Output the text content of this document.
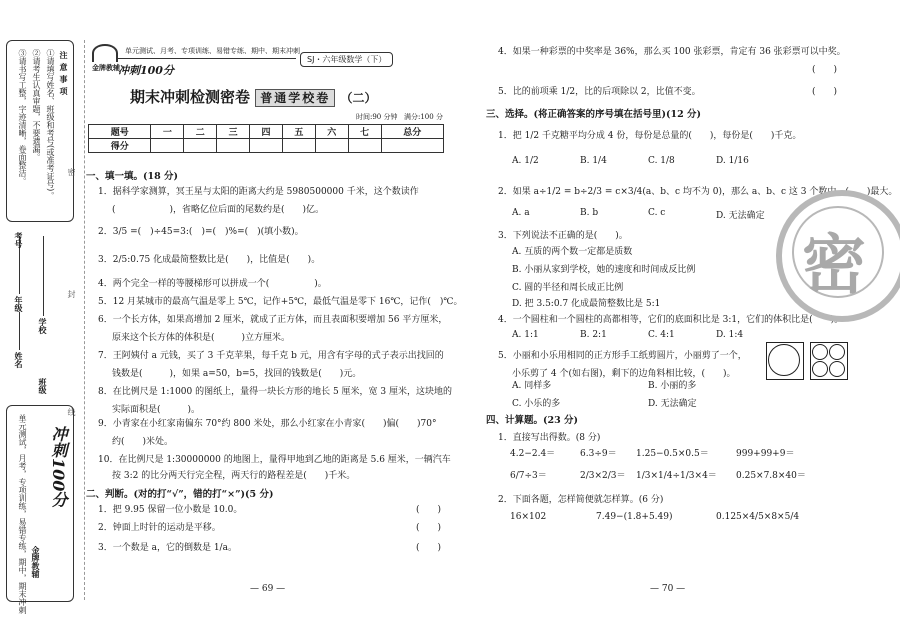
注意事项
①请填写姓名、班级和考号(或准考证号)。
②请考生认真审题，不要遗漏。
③请书写工整，字迹清晰，卷面整洁。
学校
班级
年级
姓名
考号
密
封
线
冲刺100分
单元测试，月考，专项训练，易错专练，期中，期末冲刺 金牌教辅
金牌教辅
冲刺100分
单元测试、月考、专项训练、易错专练、期中、期末冲刺
SJ・六年级数学（下）
期末冲刺检测密卷 普通学校卷 （二）
时间:90 分钟 满分:100 分
题号	一	二	三	四	五	六	七	总分
得分								
一、填一填。(18 分)
1．据科学家测算，冥王星与太阳的距离大约是 5980500000 千米，这个数读作
(　　　　　　)，省略亿位后面的尾数约是(　　)亿。
2．3/5 =(　)÷45=3:(　)=(　)%=(　)(填小数)。
3．2/5:0.75 化成最简整数比是(　　)，比值是(　　)。
4．两个完全一样的等腰梯形可以拼成一个(　　　　　)。
5．12 月某城市的最高气温是零上 5℃，记作+5℃，最低气温是零下 16℃，记作(　)℃。
6．一个长方体，如果高增加 2 厘米，就成了正方体，而且表面积要增加 56 平方厘米，
原来这个长方体的体积是(　　　)立方厘米。
7．王阿姨付 a 元钱，买了 3 千克苹果，每千克 b 元，用含有字母的式子表示出找回的
钱数是(　　　)，如果 a=50，b=5，找回的钱数是(　　)元。
8．在比例尺是 1:1000 的图纸上，量得一块长方形的地长 5 厘米，宽 3 厘米，这块地的
实际面积是(　　　)。
9．小青家在小红家南偏东 70°约 800 米处，那么小红家在小青家(　　)偏(　　)70°
约(　　)米处。
10．在比例尺是 1:30000000 的地图上，量得甲地到乙地的距离是 5.6 厘米，一辆汽车
按 3:2 的比分两天行完全程，两天行的路程差是(　　)千米。
二、判断。(对的打“√”，错的打“×”)(5 分)
1．把 9.95 保留一位小数是 10.0。	(　　)
2．钟面上时针的运动是平移。	(　　)
3．一个数是 a，它的倒数是 1/a。	(　　)
— 69 —
4．如果一种彩票的中奖率是 36%，那么买 100 张彩票，肯定有 36 张彩票可以中奖。
(　　)
5．比的前项乘 1/2，比的后项除以 2，比值不变。	(　　)
三、选择。(将正确答案的序号填在括号里)(12 分)
1．把 1/2 千克糖平均分成 4 份，每份是总量的(　　)，每份是(　　)千克。
A. 1/2	B. 1/4	C. 1/8	D. 1/16
2．如果 a÷1/2 = b÷2/3 = c×3/4(a、b、c 均不为 0)，那么 a、b、c 这 3 个数中，(　　)最大。
A. a	B. b	C. c	D. 无法确定
3．下列说法不正确的是(　　)。
A. 互质的两个数一定都是质数
B. 小丽从家到学校，她的速度和时间成反比例
C. 圆的半径和周长成正比例
D. 把 3.5:0.7 化成最简整数比是 5:1
4．一个圆柱和一个圆柱的高都相等，它们的底面积比是 3:1，它们的体积比是(　　)。
A. 1:1	B. 2:1	C. 4:1	D. 1:4
5．小丽和小乐用相同的正方形手工纸剪圆片，小丽剪了一个，
小乐剪了 4 个(如右图)，剩下的边角料相比较，(　　)。
A. 同样多	B. 小丽的多
C. 小乐的多	D. 无法确定
密
四、计算题。(23 分)
1．直接写出得数。(8 分)
4.2−2.4＝	6.3÷9＝ 1.25−0.5×0.5＝	999+99+9＝
6/7÷3＝	2/3×2/3＝ 1/3×1/4÷1/3×4＝ 0.25×7.8×40＝
2．下面各题，怎样简便就怎样算。(6 分)
16×102	7.49−(1.8+5.49)	0.125×4/5×8×5/4
— 70 —
